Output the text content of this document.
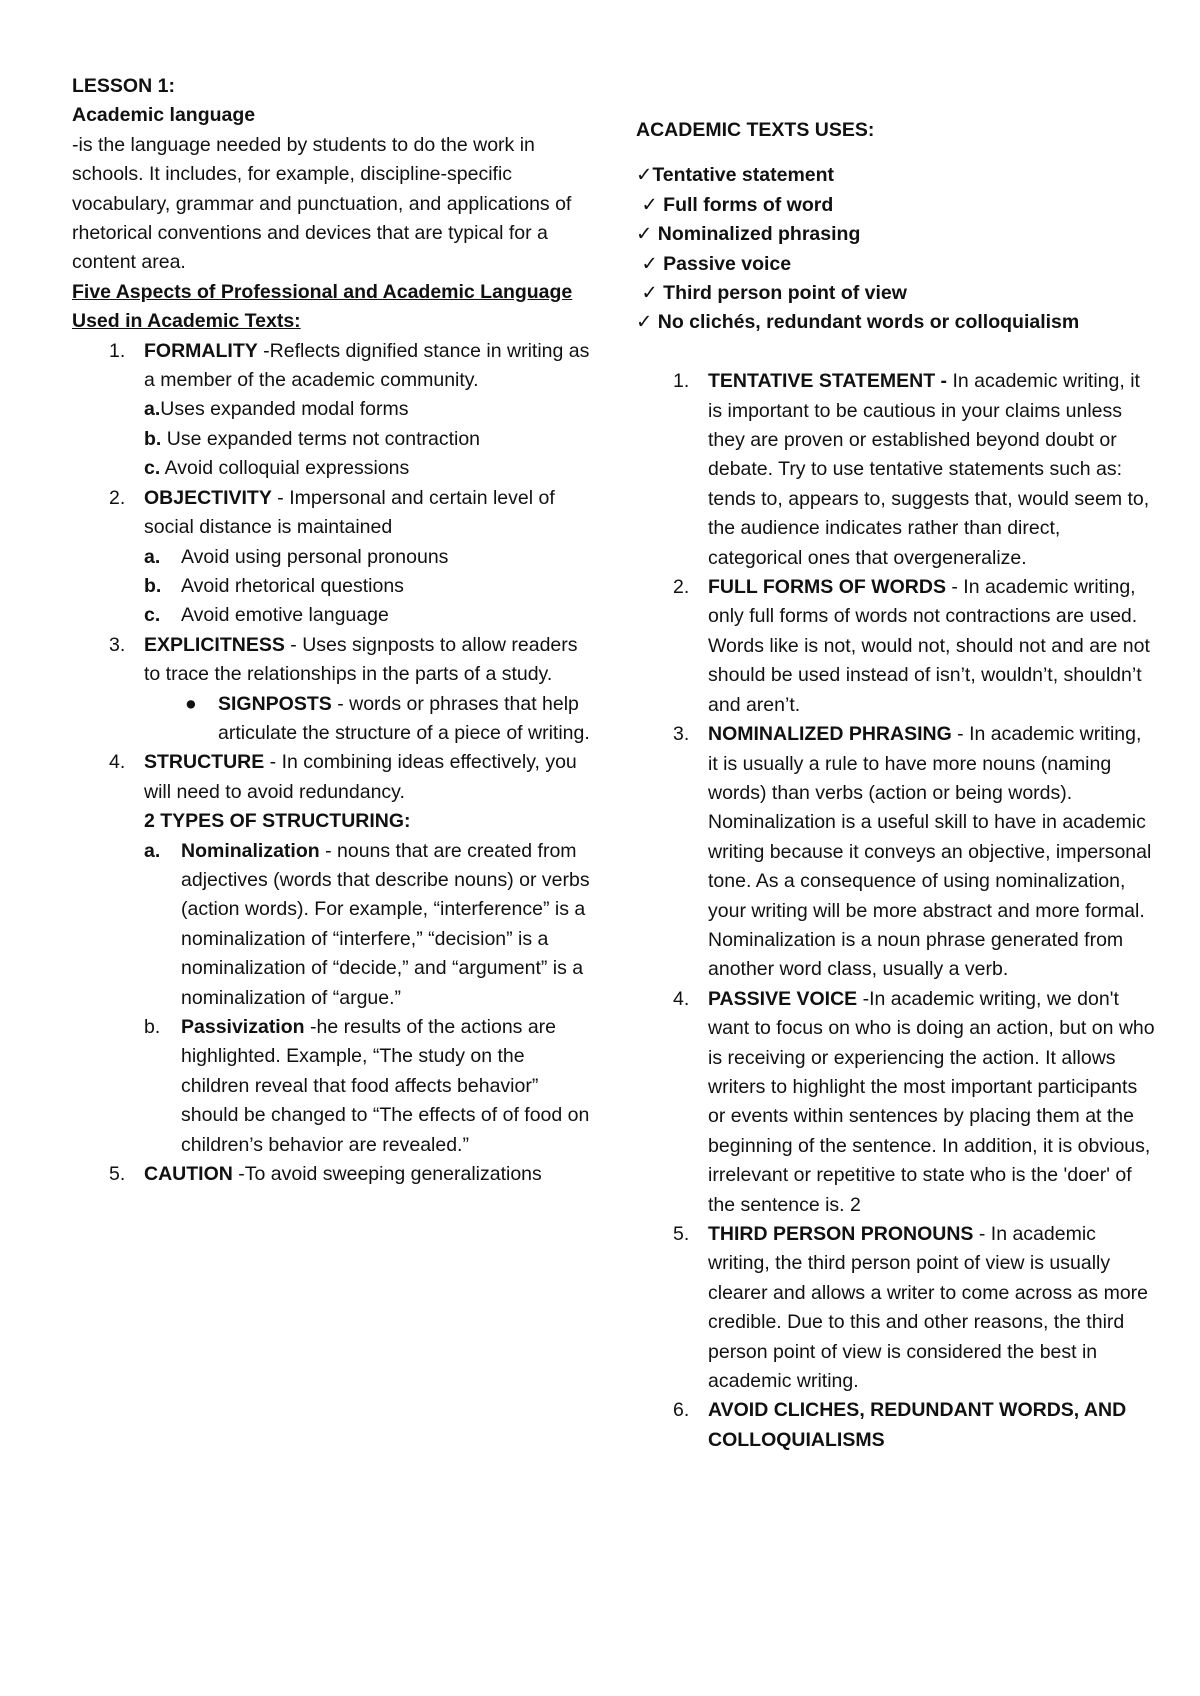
LESSON 1:

Academic language

-is the language needed by students to do the work in schools. It includes, for example, discipline-specific vocabulary, grammar and punctuation, and applications of rhetorical conventions and devices that are typical for a content area.

Five Aspects of Professional and Academic Language Used in Academic Texts:

1. FORMALITY -Reflects dignified stance in writing as a member of the academic community.

a.Uses expanded modal forms

b. Use expanded terms not contraction

c. Avoid colloquial expressions

2. OBJECTIVITY - Impersonal and certain level of social distance is maintained

a. Avoid using personal pronouns

b. Avoid rhetorical questions

c. Avoid emotive language

3. EXPLICITNESS - Uses signposts to allow readers to trace the relationships in the parts of a study.

● SIGNPOSTS - words or phrases that help articulate the structure of a piece of writing.

4. STRUCTURE - In combining ideas effectively, you will need to avoid redundancy.

2 TYPES OF STRUCTURING:

a. Nominalization - nouns that are created from adjectives (words that describe nouns) or verbs (action words). For example, “interference” is a nominalization of “interfere,” “decision” is a nominalization of “decide,” and “argument” is a nominalization of “argue.”

b. Passivization -he results of the actions are highlighted. Example, “The study on the children reveal that food affects behavior” should be changed to “The effects of of food on children’s behavior are revealed.”

5. CAUTION -To avoid sweeping generalizations

ACADEMIC TEXTS USES:

✓Tentative statement

✓ Full forms of word

✓ Nominalized phrasing

✓ Passive voice

✓ Third person point of view

✓ No clichés, redundant words or colloquialism

1. TENTATIVE STATEMENT - In academic writing, it is important to be cautious in your claims unless they are proven or established beyond doubt or debate. Try to use tentative statements such as: tends to, appears to, suggests that, would seem to, the audience indicates rather than direct, categorical ones that overgeneralize.

2. FULL FORMS OF WORDS - In academic writing, only full forms of words not contractions are used. Words like is not, would not, should not and are not should be used instead of isn’t, wouldn’t, shouldn’t and aren’t.

3. NOMINALIZED PHRASING - In academic writing, it is usually a rule to have more nouns (naming words) than verbs (action or being words). Nominalization is a useful skill to have in academic writing because it conveys an objective, impersonal tone. As a consequence of using nominalization, your writing will be more abstract and more formal. Nominalization is a noun phrase generated from another word class, usually a verb.

4. PASSIVE VOICE -In academic writing, we don't want to focus on who is doing an action, but on who is receiving or experiencing the action. It allows writers to highlight the most important participants or events within sentences by placing them at the beginning of the sentence. In addition, it is obvious, irrelevant or repetitive to state who is the 'doer' of the sentence is. 2

5. THIRD PERSON PRONOUNS - In academic writing, the third person point of view is usually clearer and allows a writer to come across as more credible. Due to this and other reasons, the third person point of view is considered the best in academic writing.

6. AVOID CLICHES, REDUNDANT WORDS, AND COLLOQUIALISMS
